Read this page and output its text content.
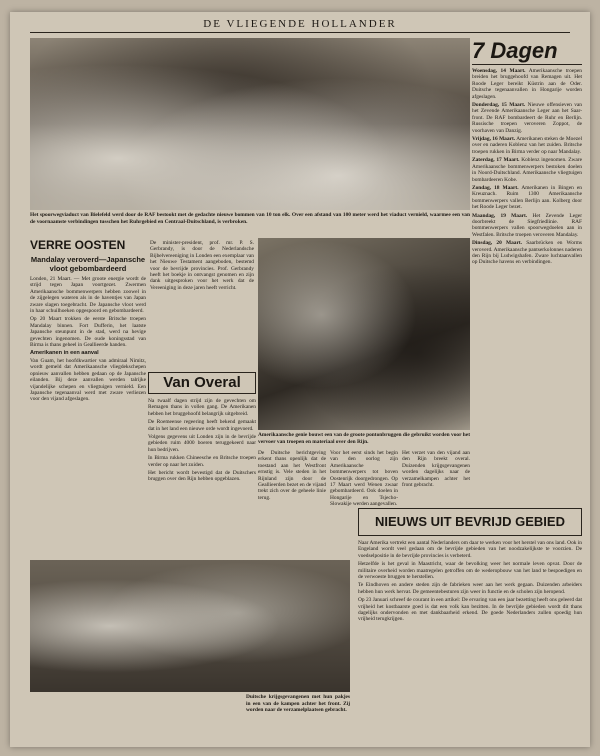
DE VLIEGENDE HOLLANDER
Het spoorwegviaduct van Bielefeld werd door de RAF bestookt met de gedachte nieuwe bommen van 10 ton elk. Over een afstand van 100 meter werd het viaduct vernield, waarmee een van de voornaamste verbindingen tusschen het Ruhrgebied en Centraal-Duitschland, is verbroken.
7 Dagen

Woensdag, 14 Maart. Amerikaansche troepen breiden het bruggehoofd van Remagen uit. Het Roode Leger bereikt Küstrin aan de Oder. Duitsche tegenaanvallen in Hongarije worden afgeslagen.

Donderdag, 15 Maart. Nieuwe offensieven van het Zevende Amerikaansche Leger aan het Saar-front. De RAF bombardeert de Ruhr en Berlijn. Russische troepen veroveren Zoppot, de voorhaven van Danzig.

Vrijdag, 16 Maart. Amerikanen steken de Moezel over en naderen Koblenz van het zuiden. Britsche troepen rukken in Birma verder op naar Mandalay.

Zaterdag, 17 Maart. Koblenz ingenomen. Zware Amerikaansche bommenwerpers bestoken doelen in Noord-Duitschland. Amerikaansche vliegtuigen bombardeeren Kobe.

Zondag, 18 Maart. Amerikanen in Bingen en Kreuznach. Ruim 1300 Amerikaansche bommenwerpers vallen Berlijn aan. Kolberg door het Roode Leger bezet.

Maandag, 19 Maart. Het Zevende Leger doorbreekt de Siegfriedlinie. RAF bommenwerpers vallen spoorwegdoelen aan in Westfalen. Britsche troepen veroveren Mandalay.

Dinsdag, 20 Maart. Saarbrücken en Worms veroverd. Amerikaansche pantserkolonnes naderen den Rijn bij Ludwigshafen. Zware luchtaanvallen op Duitsche havens en verbindingen.

VERRE OOSTEN
Mandalay veroverd—Japansche vloot gebombardeerd

Londen, 21 Maart. — Met groote energie wordt de strijd tegen Japan voortgezet. Zwermen Amerikaansche bommenwerpers hebben zoowel in de zijgelegen wateren als in de haventjes van Japan zware slagen toegebracht. De Japansche vloot werd in haar schuilhoeken opgespoord en gebombardeerd.

Op 20 Maart trokken de eerste Britsche troepen Mandalay binnen. Fort Dufferin, het laatste Japansche steunpunt in de stad, werd na hevige gevechten ingenomen. De oude koningsstad van Birma is thans geheel in Geallieerde handen.

Amerikanen in een aanval

Van Guam, het hoofdkwartier van admiraal Nimitz, wordt gemeld dat Amerikaansche vliegdekschepen opnieuw aanvallen hebben gedaan op de Japansche eilanden. Bij deze aanvallen werden talrijke vijandelijke schepen en vliegtuigen vernield. Een Japansche tegenaanval werd met zware verliezen voor den vijand afgeslagen.

De minister-president, prof. mr. P. S. Gerbrandy, is door de Nederlandsche Bijbelvereeniging in Londen een exemplaar van het Nieuwe Testament aangeboden, bestemd voor de bevrijde provincies. Prof. Gerbrandy heeft het boekje in ontvangst genomen en zijn dank uitgesproken voor het werk dat de Vereeniging in deze jaren heeft verricht.
Van Overal

Na twaalf dagen strijd zijn de gevechten om Remagen thans in vollen gang. De Amerikanen hebben het bruggehoofd belangrijk uitgebreid.

De Roemeense regeering heeft bekend gemaakt dat in het land een nieuwe orde wordt ingevoerd.

Volgens gegevens uit Londen zijn in de bevrijde gebieden ruim 4000 boeren teruggekeerd naar hun bedrijven.

In Birma rukken Chineesche en Britsche troepen verder op naar het zuiden.

Het bericht wordt bevestigd dat de Duitschers bruggen over den Rijn hebben opgeblazen.

Amerikaansche genie bouwt een van de groote pontonbruggen die gebruikt worden voor het vervoer van troepen en materiaal over den Rijn.
De Duitsche berichtgeving erkent thans openlijk dat de toestand aan het Westfront ernstig is. Vele steden in het Rijnland zijn door de Geallieerden bezet en de vijand trekt zich over de geheele linie terug.
Voor het eerst sinds het begin van den oorlog zijn Amerikaansche bommenwerpers tot boven Oostenrijk doorgedrongen. Op 17 Maart werd Wenen zwaar gebombardeerd. Ook doelen in Hongarije en Tsjecho-Slowakije werden aangevallen.
Het verzet van den vijand aan den Rijn breekt overal. Duizenden krijgsgevangenen worden dagelijks naar de verzamelkampen achter het front gebracht.
NIEUWS UIT BEVRIJD GEBIED

Naar Amerika vertrekt een aantal Nederlanders om daar te werken voor het herstel van ons land. Ook in Engeland wordt veel gedaan om de bevrijde gebieden van het noodzakelijkste te voorzien. De voedselpositie in de bevrijde provincies is verbeterd.

Hetzelfde is het geval in Maastricht, waar de bevolking weer het normale leven opvat. Door de militaire overheid worden maatregelen getroffen om de wederopbouw van het land te bespoedigen en de verwoeste bruggen te herstellen.

Te Eindhoven en andere steden zijn de fabrieken weer aan het werk gegaan. Duizenden arbeiders hebben hun werk hervat. De gemeentebesturen zijn weer in functie en de scholen zijn heropend.

Op 23 Januari schreef de courant in een artikel: De ervaring van een jaar bezetting heeft ons geleerd dat vrijheid het kostbaarste goed is dat een volk kan bezitten. In de bevrijde gebieden wordt dit thans dagelijks ondervonden en met dankbaarheid erkend. De goede Nederlanders zullen spoedig hun vrijheid terugkrijgen.

Duitsche krijgsgevangenen met hun pakjes in een van de kampen achter het front. Zij worden naar de verzamelplaatsen gebracht.
